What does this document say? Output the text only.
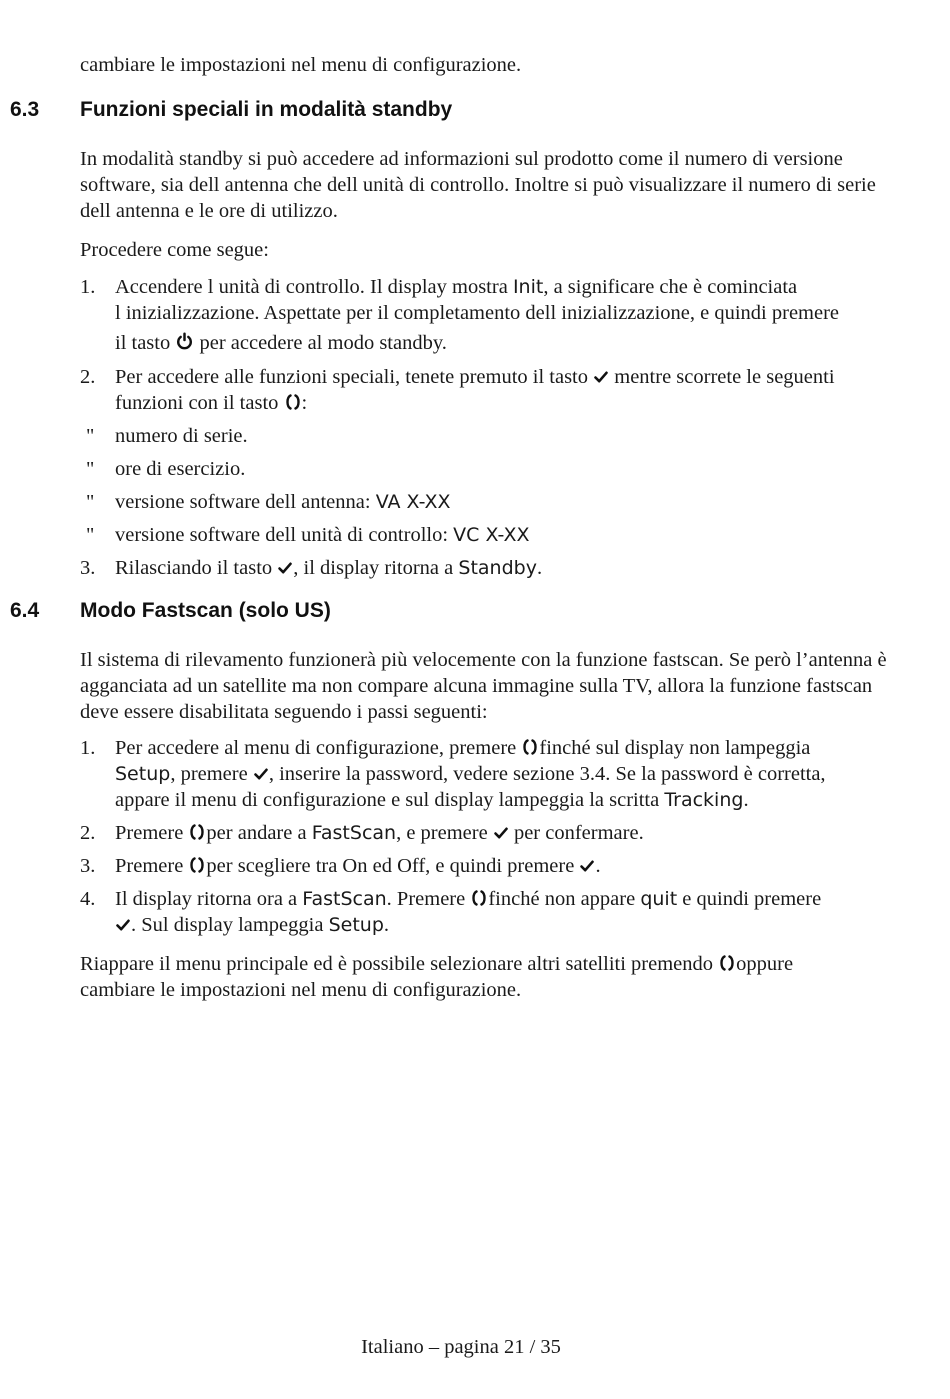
cambiare le impostazioni nel menu di configurazione.
6.3 Funzioni speciali in modalità standby
In modalità standby si può accedere ad informazioni sul prodotto come il numero di versione software, sia dell antenna che dell unità di controllo. Inoltre si può visualizzare il numero di serie dell antenna e le ore di utilizzo.
Procedere come segue:
1. Accendere l unità di controllo. Il display mostra Init, a significare che è cominciata
l inizializzazione. Aspettate per il completamento dell inizializzazione, e quindi premere
il tasto  per accedere al modo standby.
2. Per accedere alle funzioni speciali, tenete premuto il tasto  mentre scorrete le seguenti
funzioni con il tasto :
"	numero di serie.
"	ore di esercizio.
"	versione software dell antenna: VA X-XX
"	versione software dell unità di controllo: VC X-XX
3. Rilasciando il tasto , il display ritorna a Standby.
6.4 Modo Fastscan (solo US)
Il sistema di rilevamento funzionerà più velocemente con la funzione fastscan. Se però l’antenna è agganciata ad un satellite ma non compare alcuna immagine sulla TV, allora la funzione fastscan deve essere disabilitata seguendo i passi seguenti:
1. Per accedere al menu di configurazione, premere finché sul display non lampeggia
Setup, premere , inserire la password, vedere sezione 3.4. Se la password è corretta,
appare il menu di configurazione e sul display lampeggia la scritta Tracking.
2. Premere per andare a FastScan, e premere  per confermare.
3. Premere per scegliere tra On ed Off, e quindi premere .
4. Il display ritorna ora a FastScan. Premere finché non appare quit e quindi premere
. Sul display lampeggia Setup.
Riappare il menu principale ed è possibile selezionare altri satelliti premendo oppure
cambiare le impostazioni nel menu di configurazione.
Italiano – pagina 21 / 35
